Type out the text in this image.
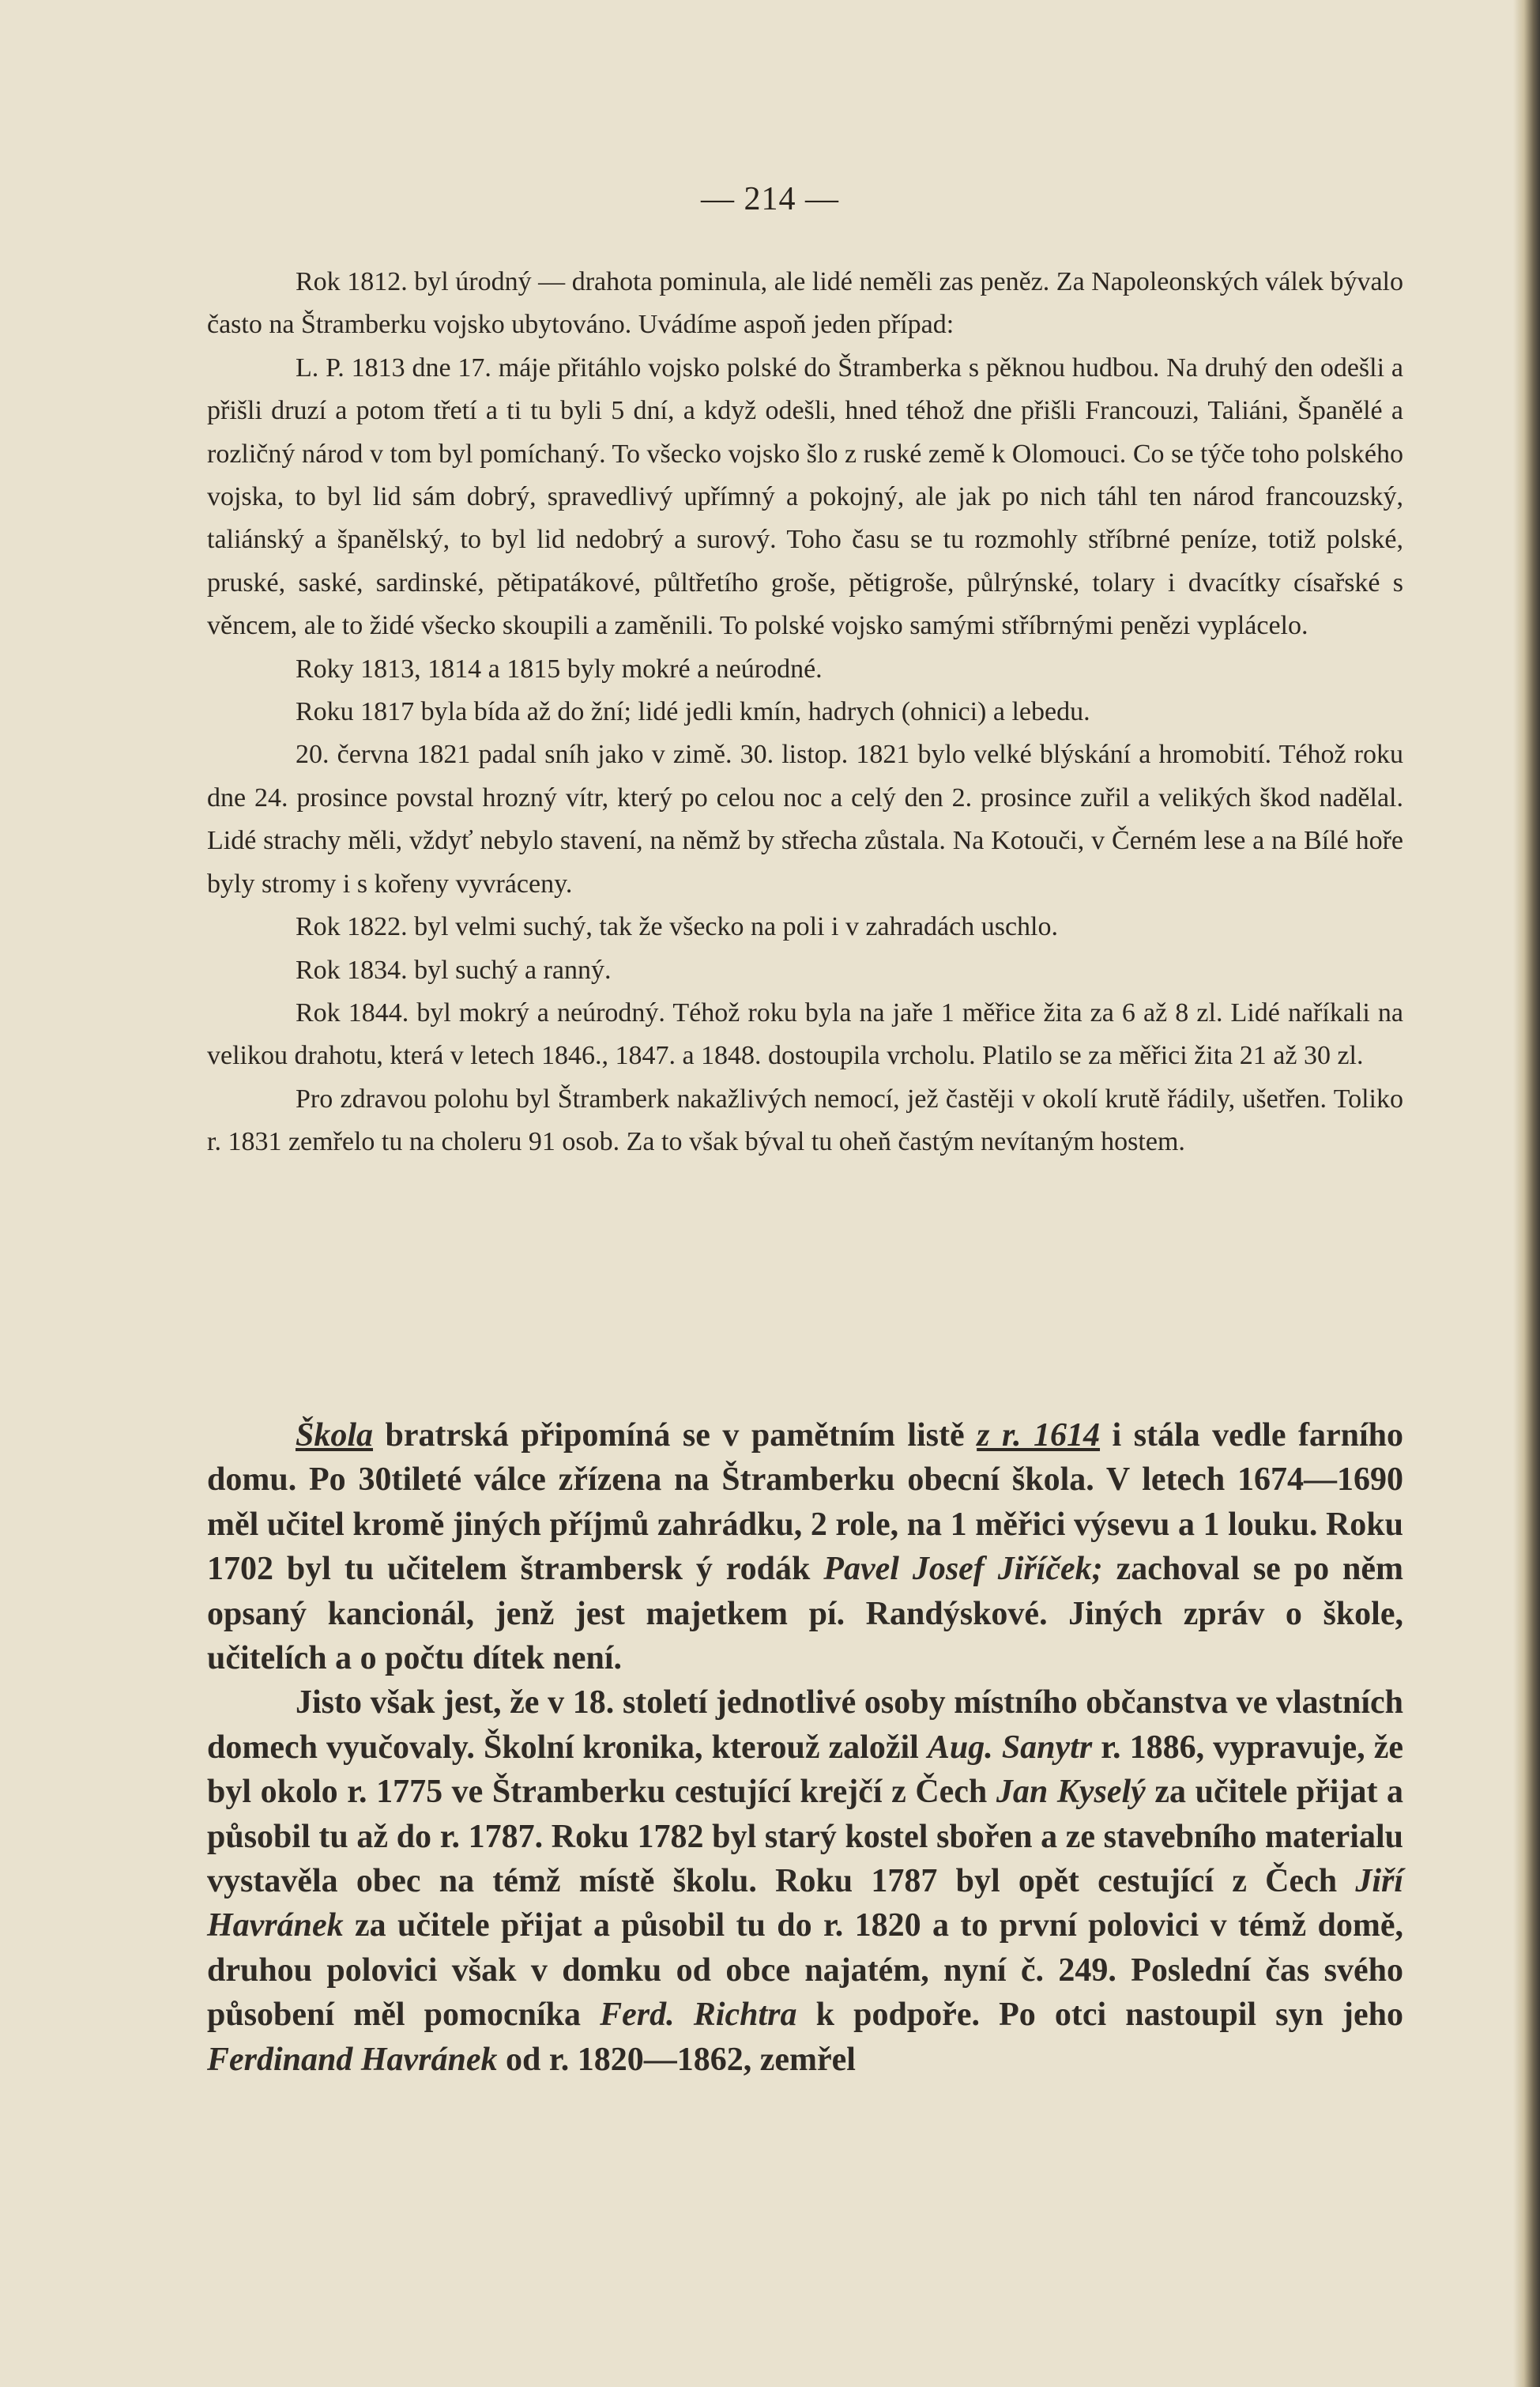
— 214 —

Rok 1812. byl úrodný — drahota pominula, ale lidé neměli zas peněz. Za Napoleonských válek bývalo často na Štramberku vojsko ubytováno. Uvádíme aspoň jeden případ:

L. P. 1813 dne 17. máje přitáhlo vojsko polské do Štramberka s pěknou hudbou. Na druhý den odešli a přišli druzí a potom třetí a ti tu byli 5 dní, a když odešli, hned téhož dne přišli Francouzi, Taliáni, Španělé a rozličný národ v tom byl pomíchaný. To všecko vojsko šlo z ruské země k Olomouci. Co se týče toho polského vojska, to byl lid sám dobrý, spravedlivý upřímný a pokojný, ale jak po nich táhl ten národ francouzský, taliánský a španělský, to byl lid nedobrý a surový. Toho času se tu rozmohly stříbrné peníze, totiž polské, pruské, saské, sardinské, pětipatákové, půltřetího groše, pětigroše, půlrýnské, tolary i dvacítky císařské s věncem, ale to židé všecko skoupili a zaměnili. To polské vojsko samými stříbrnými penězi vyplácelo.

Roky 1813, 1814 a 1815 byly mokré a neúrodné.

Roku 1817 byla bída až do žní; lidé jedli kmín, hadrych (ohnici) a lebedu.

20. června 1821 padal sníh jako v zimě. 30. listop. 1821 bylo velké blýskání a hromobití. Téhož roku dne 24. prosince povstal hrozný vítr, který po celou noc a celý den 2. prosince zuřil a velikých škod nadělal. Lidé strachy měli, vždyť nebylo stavení, na němž by střecha zůstala. Na Kotouči, v Černém lese a na Bílé hoře byly stromy i s kořeny vyvráceny.

Rok 1822. byl velmi suchý, tak že všecko na poli i v zahradách uschlo.

Rok 1834. byl suchý a ranný.

Rok 1844. byl mokrý a neúrodný. Téhož roku byla na jaře 1 měřice žita za 6 až 8 zl. Lidé naříkali na velikou drahotu, která v letech 1846., 1847. a 1848. dostoupila vrcholu. Platilo se za měřici žita 21 až 30 zl.

Pro zdravou polohu byl Štramberk nakažlivých nemocí, jež častěji v okolí krutě řádily, ušetřen. Toliko r. 1831 zemřelo tu na choleru 91 osob. Za to však býval tu oheň častým nevítaným hostem.

Škola bratrská připomíná se v pamětním listě z r. 1614 i stála vedle farního domu. Po 30tileté válce zřízena na Štramberku obecní škola. V letech 1674—1690 měl učitel kromě jiných příjmů zahrádku, 2 role, na 1 měřici výsevu a 1 louku. Roku 1702 byl tu učitelem štrambersk ý rodák Pavel Josef Jiříček; zachoval se po něm opsaný kancionál, jenž jest majetkem pí. Randýskové. Jiných zpráv o škole, učitelích a o počtu dítek není.

Jisto však jest, že v 18. století jednotlivé osoby místního občanstva ve vlastních domech vyučovaly. Školní kronika, kterouž založil Aug. Sanytr r. 1886, vypravuje, že byl okolo r. 1775 ve Štramberku cestující krejčí z Čech Jan Kyselý za učitele přijat a působil tu až do r. 1787. Roku 1782 byl starý kostel sbořen a ze stavebního materialu vystavěla obec na témž místě školu. Roku 1787 byl opět cestující z Čech Jiří Havránek za učitele přijat a působil tu do r. 1820 a to první polovici v témž domě, druhou polovici však v domku od obce najatém, nyní č. 249. Poslední čas svého působení měl pomocníka Ferd. Richtra k podpoře. Po otci nastoupil syn jeho Ferdinand Havránek od r. 1820—1862, zemřel
